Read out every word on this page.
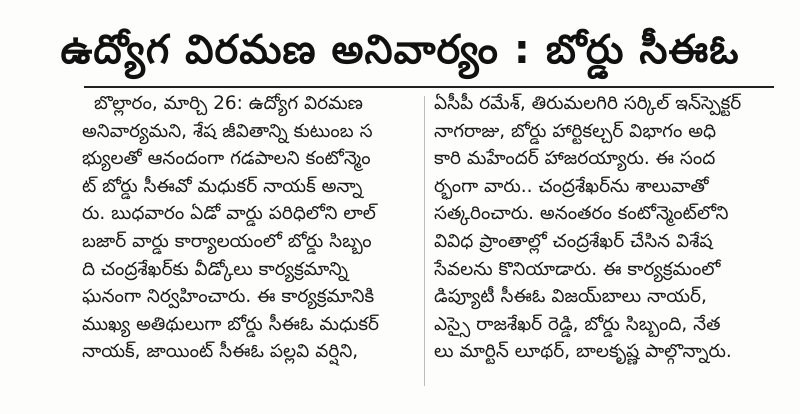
ఉద్యోగ విరమణ అనివార్యం : బోర్డు సీఈఓ
బొల్లారం, మార్చి 26: ఉద్యోగ విరమణ
అనివార్యమని, శేష జీవితాన్ని కుటుంబ స
భ్యులతో ఆనందంగా గడపాలని కంటోన్మెం
ట్ బోర్డు సీఈవో మధుకర్ నాయక్ అన్నా
రు. బుధవారం ఏడో వార్డు పరిధిలోని లాల్
బజార్ వార్డు కార్యాలయంలో బోర్డు సిబ్బం
ది చంద్రశేఖర్‌కు వీడ్కోలు కార్యక్రమాన్ని
ఘనంగా నిర్వహించారు. ఈ కార్యక్రమానికి
ముఖ్య అతిథులుగా బోర్డు సీఈఓ మధుకర్
నాయక్, జాయింట్ సీఈఓ పల్లవి వర్షిని,
ఏసీపీ రమేశ్, తిరుమలగిరి సర్కిల్ ఇన్‌స్పెక్టర్
నాగరాజు, బోర్డు హార్టికల్చర్ విభాగం అధి
కారి మహేందర్ హాజరయ్యారు. ఈ సంద
ర్భంగా వారు.. చంద్రశేఖర్‌ను శాలువాతో
సత్కరించారు. అనంతరం కంటోన్మెంట్‌లోని
వివిధ ప్రాంతాల్లో చంద్రశేఖర్ చేసిన విశేష
సేవలను కొనియాడారు. ఈ కార్యక్రమంలో
డిప్యూటీ సీఈఓ విజయ్‌బాలు నాయర్,
ఎస్సై రాజశేఖర్ రెడ్డి, బోర్డు సిబ్బంది, నేత
లు మార్టిన్ లూథర్, బాలకృష్ణ పాల్గొన్నారు.
